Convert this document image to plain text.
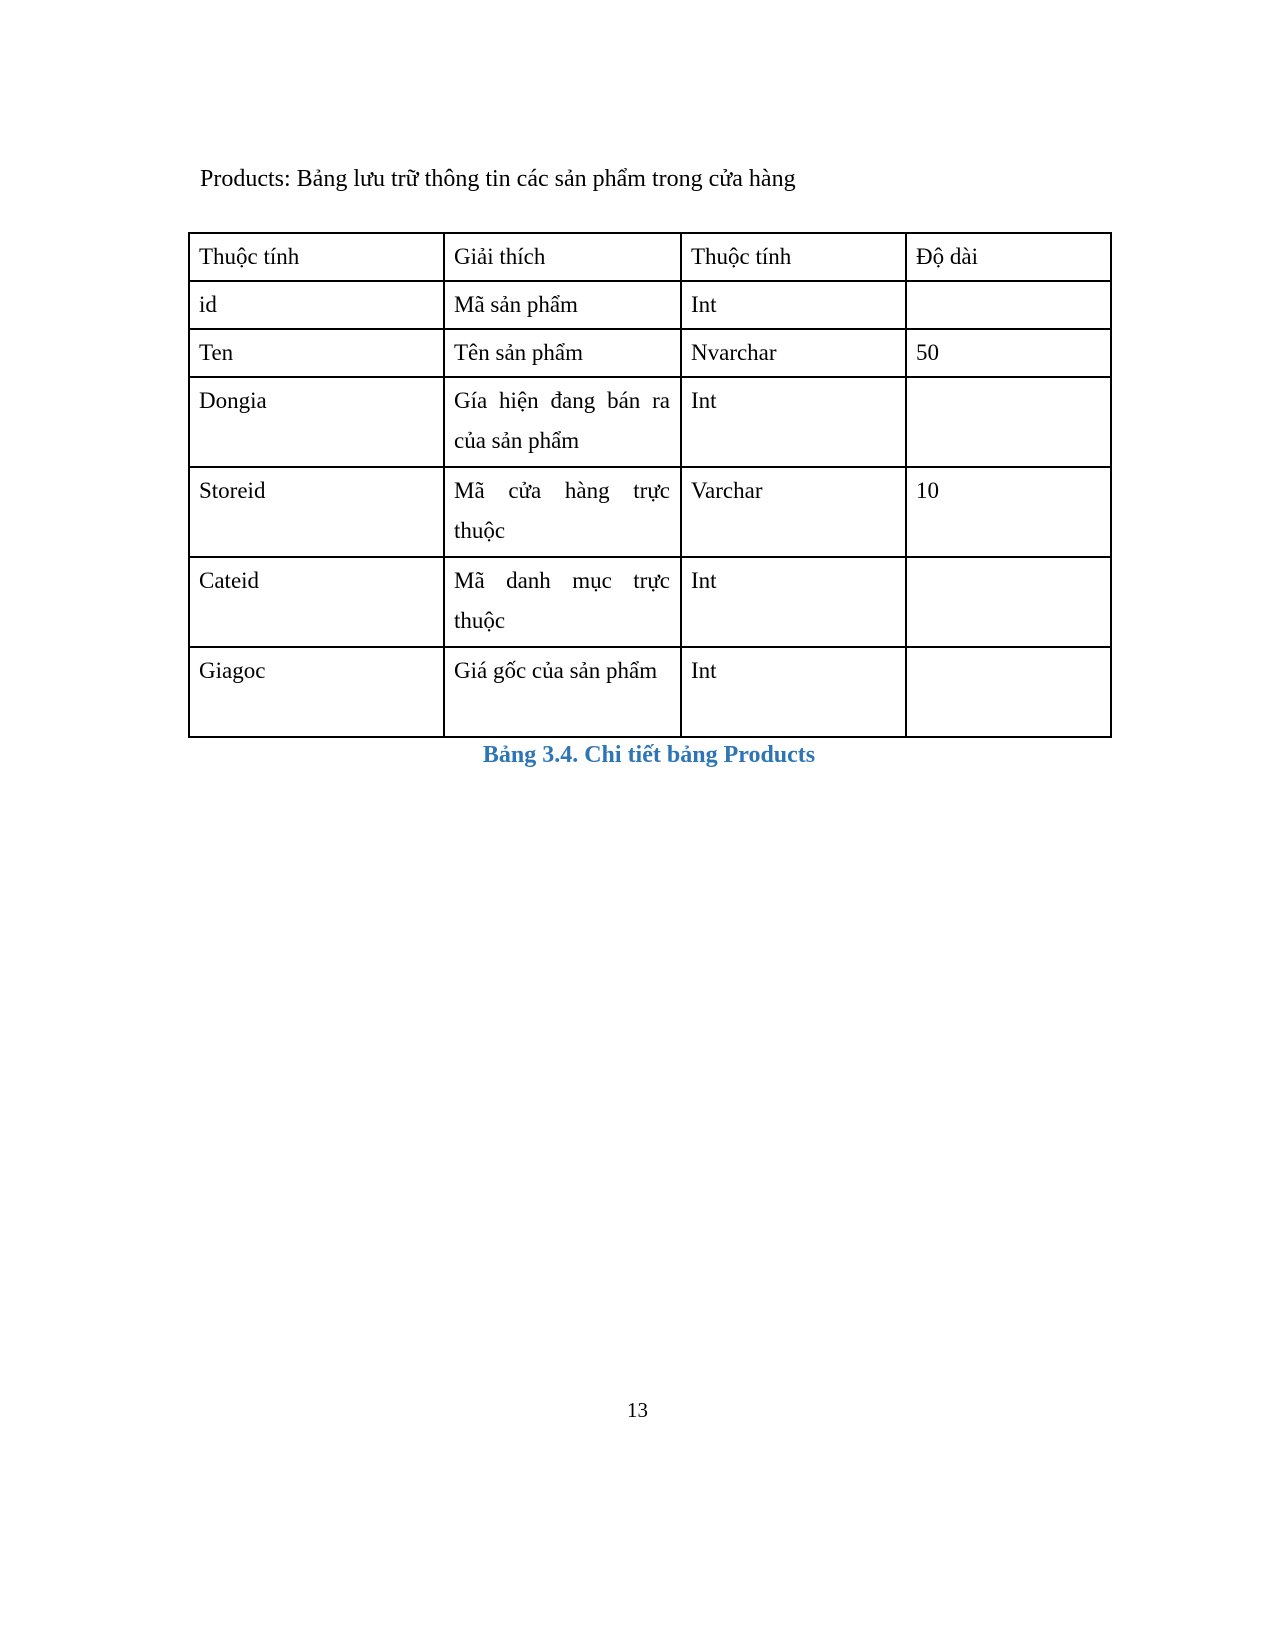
Products: Bảng lưu trữ thông tin các sản phẩm trong cửa hàng

Thuộc tính	Giải thích	Thuộc tính	Độ dài
id	Mã sản phẩm	Int	
Ten	Tên sản phẩm	Nvarchar	50
Dongia	Gía hiện đang bán ra của sản phẩm	Int	
Storeid	Mã cửa hàng trực thuộc	Varchar	10
Cateid	Mã danh mục trực thuộc	Int	
Giagoc	Giá gốc của sản phẩm	Int	

Bảng 3.4. Chi tiết bảng Products

13
